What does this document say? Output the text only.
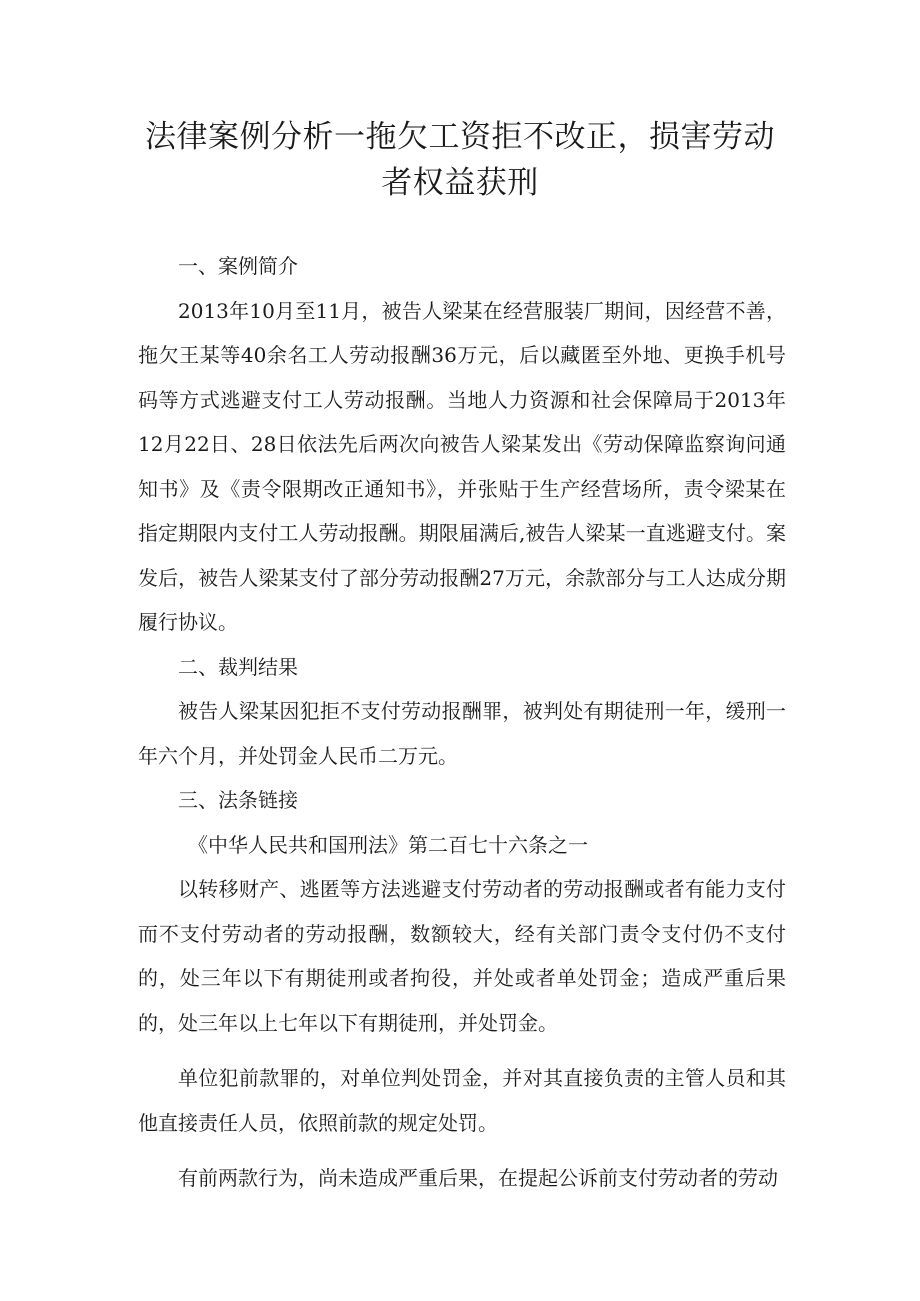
法律案例分析一拖欠工资拒不改正，损害劳动者权益获刑

一、案例简介

2013年10月至11月，被告人梁某在经营服装厂期间，因经营不善，拖欠王某等40余名工人劳动报酬36万元，后以藏匿至外地、更换手机号码等方式逃避支付工人劳动报酬。当地人力资源和社会保障局于2013年12月22日、28日依法先后两次向被告人梁某发出《劳动保障监察询问通知书》及《责令限期改正通知书》，并张贴于生产经营场所，责令梁某在指定期限内支付工人劳动报酬。期限届满后,被告人梁某一直逃避支付。案发后，被告人梁某支付了部分劳动报酬27万元，余款部分与工人达成分期履行协议。

二、裁判结果

被告人梁某因犯拒不支付劳动报酬罪，被判处有期徒刑一年，缓刑一年六个月，并处罚金人民币二万元。

三、法条链接

《中华人民共和国刑法》第二百七十六条之一

以转移财产、逃匿等方法逃避支付劳动者的劳动报酬或者有能力支付而不支付劳动者的劳动报酬，数额较大，经有关部门责令支付仍不支付的，处三年以下有期徒刑或者拘役，并处或者单处罚金；造成严重后果的，处三年以上七年以下有期徒刑，并处罚金。

单位犯前款罪的，对单位判处罚金，并对其直接负责的主管人员和其他直接责任人员，依照前款的规定处罚。

有前两款行为，尚未造成严重后果，在提起公诉前支付劳动者的劳动
